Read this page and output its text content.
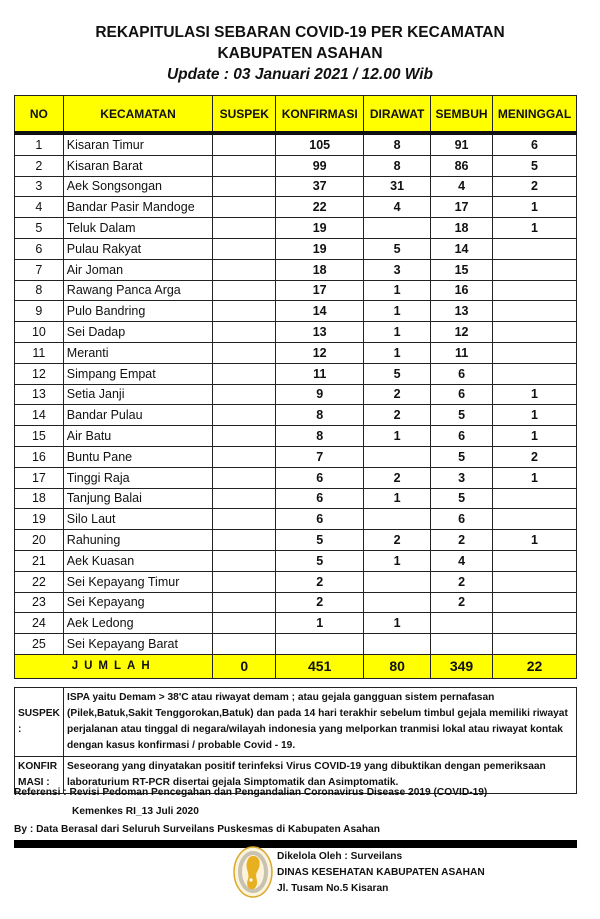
REKAPITULASI SEBARAN COVID-19 PER KECAMATAN
KABUPATEN ASAHAN
Update : 03 Januari 2021 / 12.00 Wib
NO	KECAMATAN	SUSPEK	KONFIRMASI	DIRAWAT	SEMBUH	MENINGGAL
1	Kisaran Timur		105	8	91	6
2	Kisaran Barat		99	8	86	5
3	Aek Songsongan		37	31	4	2
4	Bandar Pasir Mandoge		22	4	17	1
5	Teluk Dalam		19		18	1
6	Pulau Rakyat		19	5	14	
7	Air Joman		18	3	15	
8	Rawang Panca Arga		17	1	16	
9	Pulo Bandring		14	1	13	
10	Sei Dadap		13	1	12	
11	Meranti		12	1	11	
12	Simpang Empat		11	5	6	
13	Setia Janji		9	2	6	1
14	Bandar Pulau		8	2	5	1
15	Air Batu		8	1	6	1
16	Buntu Pane		7		5	2
17	Tinggi Raja		6	2	3	1
18	Tanjung Balai		6	1	5	
19	Silo Laut		6		6	
20	Rahuning		5	2	2	1
21	Aek Kuasan		5	1	4	
22	Sei Kepayang Timur		2		2	
23	Sei Kepayang		2		2	
24	Aek Ledong		1	1		
25	Sei Kepayang Barat					
JUMLAH		0	451	80	349	22
SUSPEK :	ISPA yaitu Demam > 38'C atau riwayat demam ; atau gejala gangguan sistem pernafasan (Pilek,Batuk,Sakit Tenggorokan,Batuk) dan pada 14 hari terakhir sebelum timbul gejala memiliki riwayat perjalanan atau tinggal di negara/wilayah indonesia yang melporkan tranmisi lokal atau riwayat kontak dengan kasus konfirmasi / probable Covid - 19.
KONFIR MASI :	Seseorang yang dinyatakan positif terinfeksi Virus COVID-19 yang dibuktikan dengan pemeriksaan laboraturium RT-PCR disertai gejala Simptomatik dan Asimptomatik.
Referensi : Revisi Pedoman Pencegahan dan Pengandalian Coronavirus Disease 2019 (COVID-19)
Kemenkes RI_13 Juli 2020
By : Data Berasal dari Seluruh Surveilans Puskesmas di Kabupaten Asahan
Dikelola Oleh : Surveilans
DINAS KESEHATAN KABUPATEN ASAHAN
Jl. Tusam No.5 Kisaran
